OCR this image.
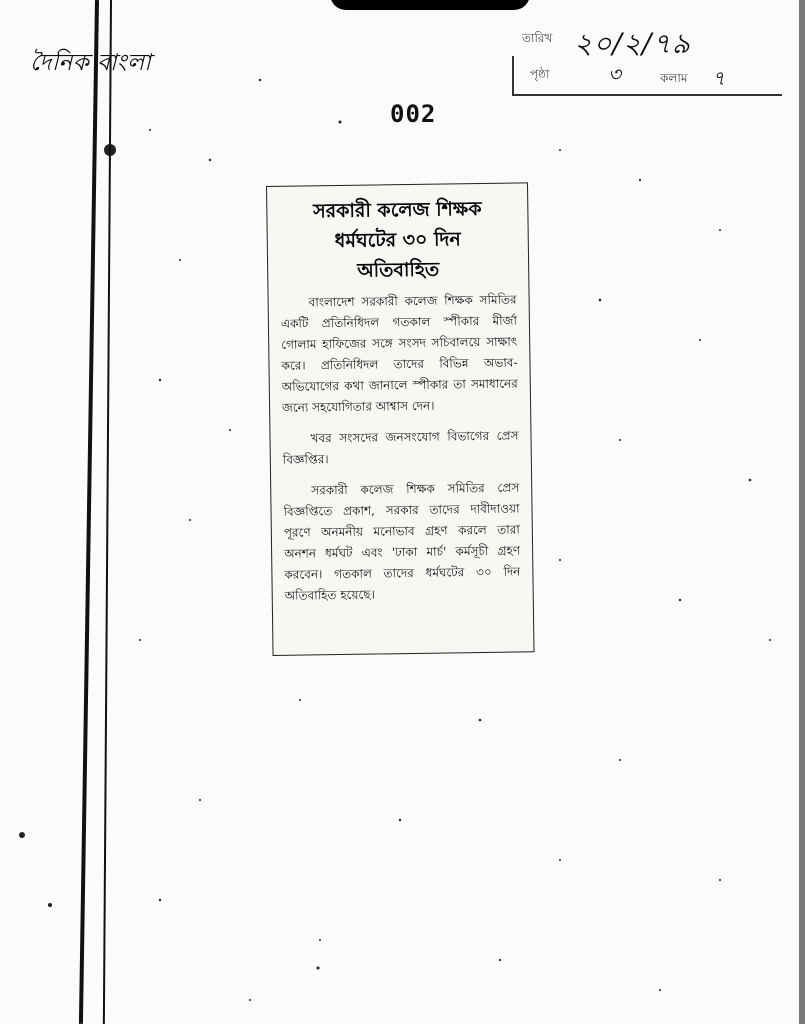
দৈনিক বাংলা
তারিখ ২০/২/৭৯
পৃষ্ঠা	৩	কলাম ৭
002
সরকারী কলেজ শিক্ষক
ধর্মঘটের ৩০ দিন
অতিবাহিত

বাংলাদেশ সরকারী কলেজ শিক্ষক সমিতির একটি প্রতিনিধিদল গতকাল স্পীকার মীর্জা গোলাম হাফিজের সঙ্গে সংসদ সচিবালয়ে সাক্ষাৎ করে। প্রতিনিধিদল তাদের বিভিন্ন অভাব-অভিযোগের কথা জানালে স্পীকার তা সমাধানের জন্যে সহযোগিতার আশ্বাস দেন।

খবর সংসদের জনসংযোগ বিভাগের প্রেস বিজ্ঞপ্তির।

সরকারী কলেজ শিক্ষক সমিতির প্রেস বিজ্ঞপ্তিতে প্রকাশ, সরকার তাদের দাবীদাওয়া পূরণে অনমনীয় মনোভাব গ্রহণ করলে তারা অনশন ধর্মঘট এবং 'ঢাকা মার্চ' কর্মসূচী গ্রহণ করবেন। গতকাল তাদের ধর্মঘটের ৩০ দিন অতিবাহিত হয়েছে।
